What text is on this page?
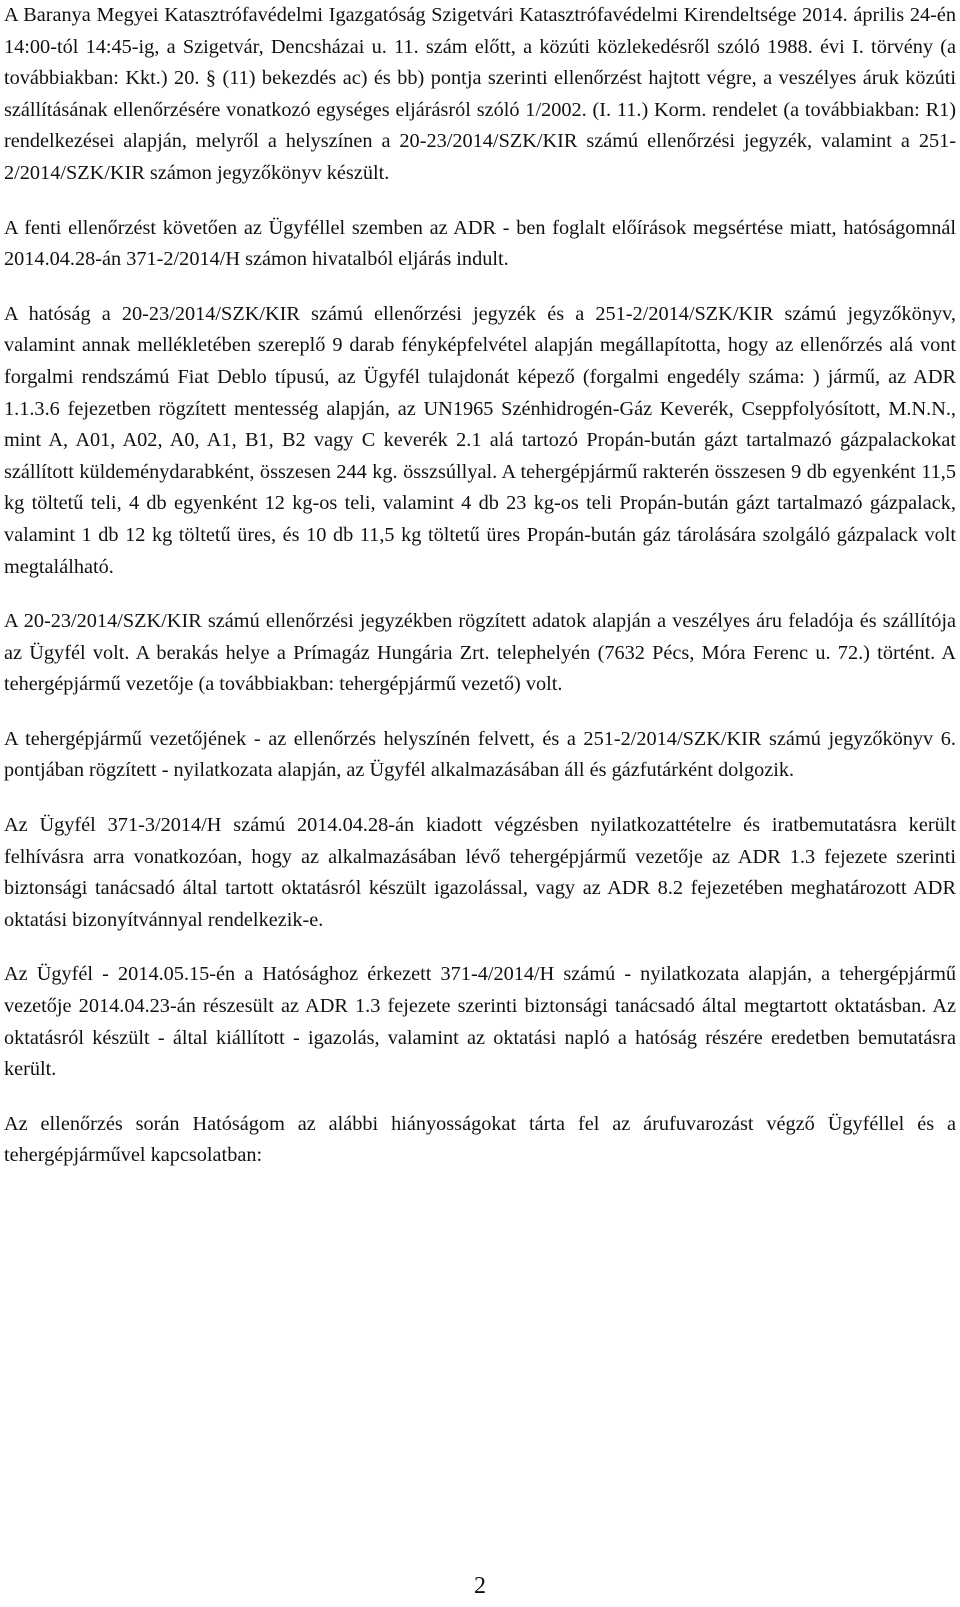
A Baranya Megyei Katasztrófavédelmi Igazgatóság Szigetvári Katasztrófavédelmi Kirendeltsége 2014. április 24-én 14:00-tól 14:45-ig, a Szigetvár, Dencsházai u. 11. szám előtt, a közúti közlekedésről szóló 1988. évi I. törvény (a továbbiakban: Kkt.) 20. § (11) bekezdés ac) és bb) pontja szerinti ellenőrzést hajtott végre, a veszélyes áruk közúti szállításának ellenőrzésére vonatkozó egységes eljárásról szóló 1/2002. (I. 11.) Korm. rendelet (a továbbiakban: R1) rendelkezései alapján, melyről a helyszínen a 20-23/2014/SZK/KIR számú ellenőrzési jegyzék, valamint a 251-2/2014/SZK/KIR számon jegyzőkönyv készült.

A fenti ellenőrzést követően az Ügyféllel szemben az ADR - ben foglalt előírások megsértése miatt, hatóságomnál 2014.04.28-án 371-2/2014/H számon hivatalból eljárás indult.

A hatóság a 20-23/2014/SZK/KIR számú ellenőrzési jegyzék és a 251-2/2014/SZK/KIR számú jegyzőkönyv, valamint annak mellékletében szereplő 9 darab fényképfelvétel alapján megállapította, hogy az ellenőrzés alá vont forgalmi rendszámú Fiat Deblo típusú, az Ügyfél tulajdonát képező (forgalmi engedély száma: ) jármű, az ADR 1.1.3.6 fejezetben rögzített mentesség alapján, az UN1965 Szénhidrogén-Gáz Keverék, Cseppfolyósított, M.N.N., mint A, A01, A02, A0, A1, B1, B2 vagy C keverék 2.1 alá tartozó Propán-bután gázt tartalmazó gázpalackokat szállított küldeménydarabként, összesen 244 kg. összsúllyal. A tehergépjármű rakterén összesen 9 db egyenként 11,5 kg töltetű teli, 4 db egyenként 12 kg-os teli, valamint 4 db 23 kg-os teli Propán-bután gázt tartalmazó gázpalack, valamint 1 db 12 kg töltetű üres, és 10 db 11,5 kg töltetű üres Propán-bután gáz tárolására szolgáló gázpalack volt megtalálható.

A 20-23/2014/SZK/KIR számú ellenőrzési jegyzékben rögzített adatok alapján a veszélyes áru feladója és szállítója az Ügyfél volt. A berakás helye a Prímagáz Hungária Zrt. telephelyén (7632 Pécs, Móra Ferenc u. 72.) történt. A tehergépjármű vezetője (a továbbiakban: tehergépjármű vezető) volt.

A tehergépjármű vezetőjének - az ellenőrzés helyszínén felvett, és a 251-2/2014/SZK/KIR számú jegyzőkönyv 6. pontjában rögzített - nyilatkozata alapján, az Ügyfél alkalmazásában áll és gázfutárként dolgozik.

Az Ügyfél 371-3/2014/H számú 2014.04.28-án kiadott végzésben nyilatkozattételre és iratbemutatásra került felhívásra arra vonatkozóan, hogy az alkalmazásában lévő tehergépjármű vezetője az ADR 1.3 fejezete szerinti biztonsági tanácsadó által tartott oktatásról készült igazolással, vagy az ADR 8.2 fejezetében meghatározott ADR oktatási bizonyítvánnyal rendelkezik-e.

Az Ügyfél - 2014.05.15-én a Hatósághoz érkezett 371-4/2014/H számú - nyilatkozata alapján, a tehergépjármű vezetője 2014.04.23-án részesült az ADR 1.3 fejezete szerinti biztonsági tanácsadó által megtartott oktatásban. Az oktatásról készült - által kiállított - igazolás, valamint az oktatási napló a hatóság részére eredetben bemutatásra került.

Az ellenőrzés során Hatóságom az alábbi hiányosságokat tárta fel az árufuvarozást végző Ügyféllel és a tehergépjárművel kapcsolatban:

2
